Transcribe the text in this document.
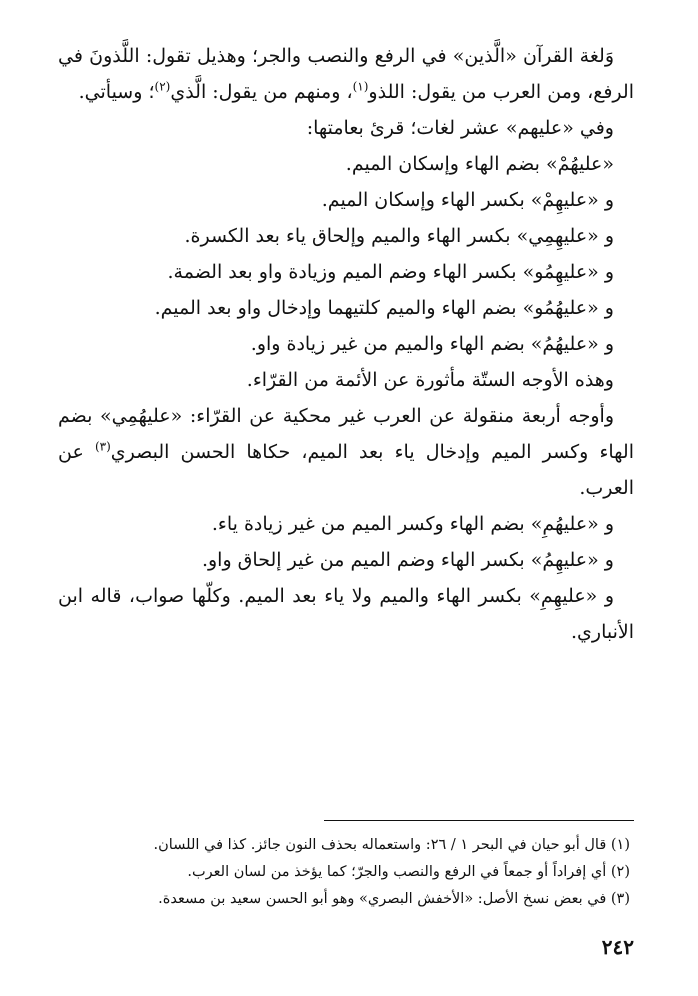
وَلغة القرآن «الَّذين» في الرفع والنصب والجر؛ وهذيل تقول: اللَّذونَ في الرفع، ومن العرب من يقول: اللذو$^{(١)}$، ومنهم من يقول: الَّذي$^{(٢)}$؛ وسيأتي.

وفي «عليهم» عشر لغات؛ قرئ بعامتها:

«عليهُمْ» بضم الهاء وإسكان الميم.

و «عليهِمْ» بكسر الهاء وإسكان الميم.

و «عليهِمِي» بكسر الهاء والميم وإلحاق ياء بعد الكسرة.

و «عليهِمُو» بكسر الهاء وضم الميم وزيادة واو بعد الضمة.

و «عليهُمُو» بضم الهاء والميم كلتيهما وإدخال واو بعد الميم.

و «عليهُمُ» بضم الهاء والميم من غير زيادة واو.

وهذه الأوجه الستّة مأثورة عن الأئمة من القرّاء.

وأوجه أربعة منقولة عن العرب غير محكية عن القرّاء: «عليهُمِي» بضم الهاء وكسر الميم وإدخال ياء بعد الميم، حكاها الحسن البصري$^{(٣)}$ عن العرب.

و «عليهُمِ» بضم الهاء وكسر الميم من غير زيادة ياء.

و «عليهِمُ» بكسر الهاء وضم الميم من غير إلحاق واو.

و «عليهِمِ» بكسر الهاء والميم ولا ياء بعد الميم. وكلّها صواب، قاله ابن الأنباري.

(١) قال أبو حيان في البحر ١ / ٢٦: واستعماله بحذف النون جائز. كذا في اللسان.

(٢) أي إفراداً أو جمعاً في الرفع والنصب والجرّ؛ كما يؤخذ من لسان العرب.

(٣) في بعض نسخ الأصل: «الأخفش البصري» وهو أبو الحسن سعيد بن مسعدة.

٢٤٢
